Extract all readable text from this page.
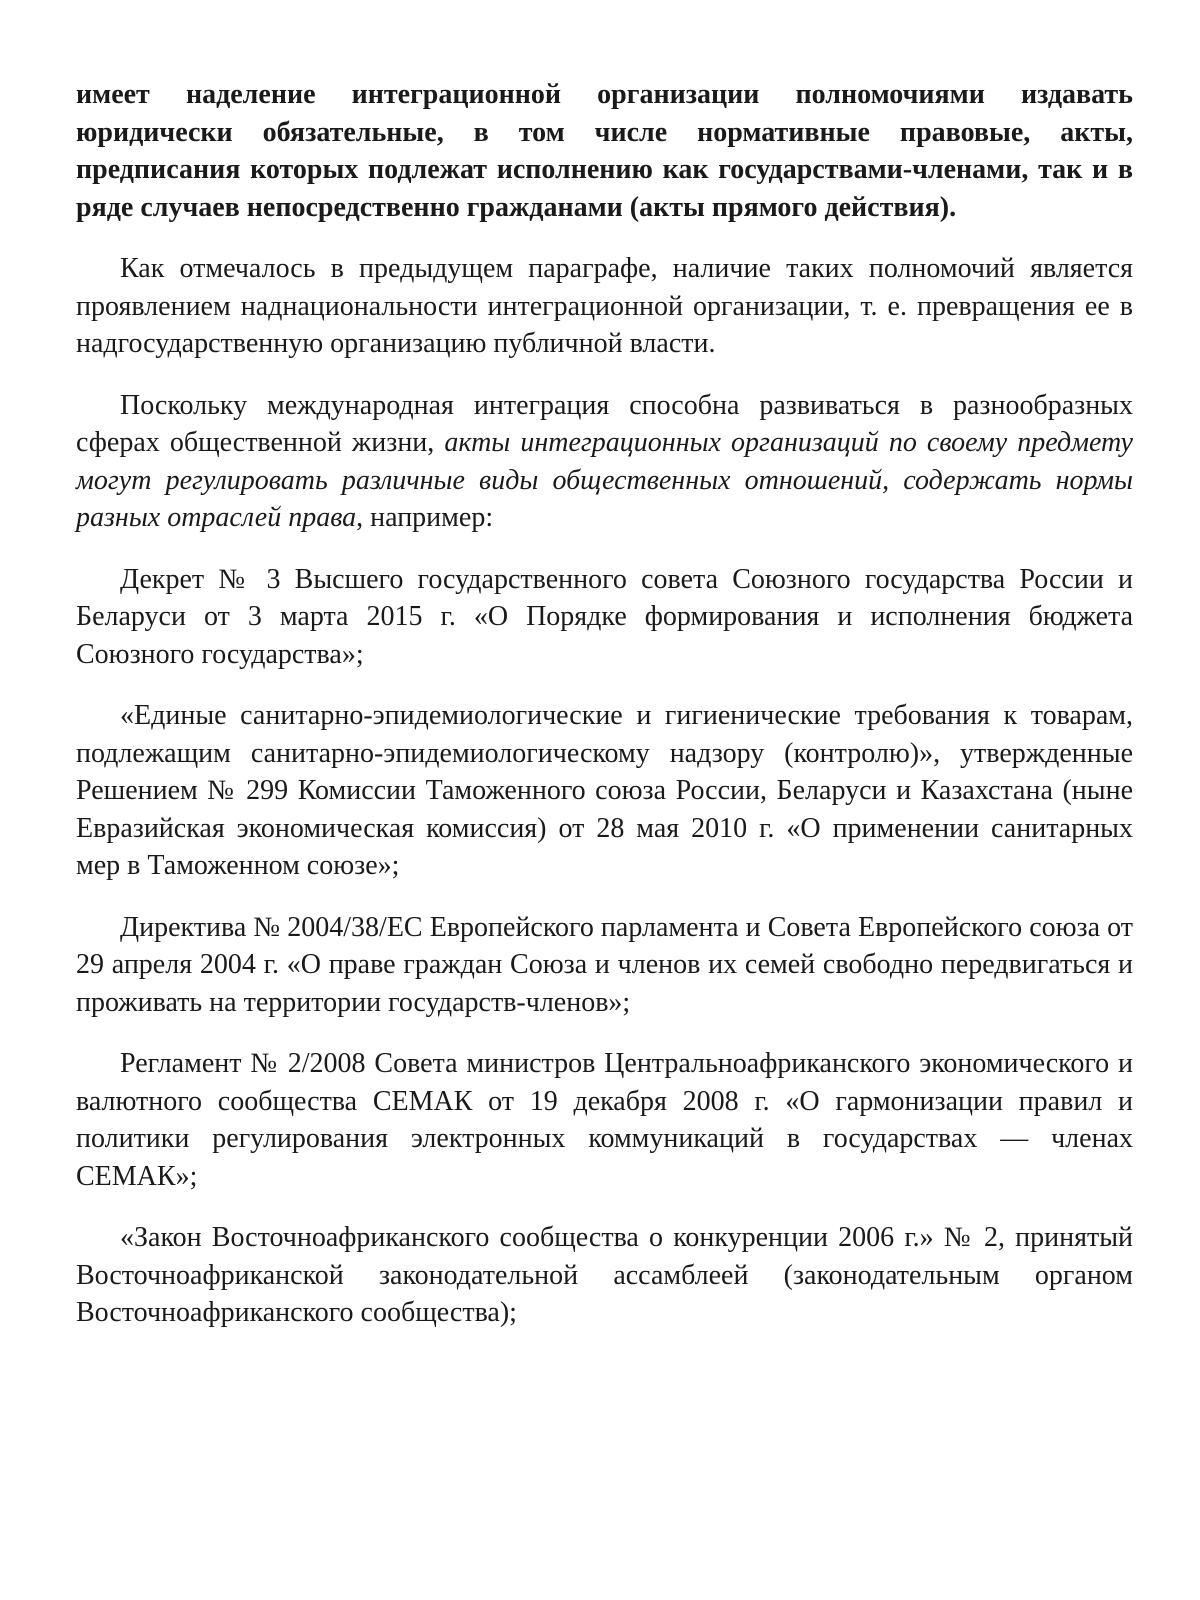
имеет наделение интеграционной организации полномочиями издавать юридически обязательные, в том числе нормативные правовые, акты, предписания которых подлежат исполнению как государствами-членами, так и в ряде случаев непосредственно гражданами (акты прямого действия).

Как отмечалось в предыдущем параграфе, наличие таких полномочий является проявлением наднациональности интеграционной организации, т. е. превращения ее в надгосударственную организацию публичной власти.

Поскольку международная интеграция способна развиваться в разнообразных сферах общественной жизни, акты интеграционных организаций по своему предмету могут регулировать различные виды общественных отношений, содержать нормы разных отраслей права, например:

Декрет № 3 Высшего государственного совета Союзного государства России и Беларуси от 3 марта 2015 г. «О Порядке формирования и исполнения бюджета Союзного государства»;

«Единые санитарно-эпидемиологические и гигиенические требования к товарам, подлежащим санитарно-эпидемиологическому надзору (контролю)», утвержденные Решением № 299 Комиссии Таможенного союза России, Беларуси и Казахстана (ныне Евразийская экономическая комиссия) от 28 мая 2010 г. «О применении санитарных мер в Таможенном союзе»;

Директива № 2004/38/ЕС Европейского парламента и Совета Европейского союза от 29 апреля 2004 г. «О праве граждан Союза и членов их семей свободно передвигаться и проживать на территории государств-членов»;

Регламент № 2/2008 Совета министров Центральноафриканского экономического и валютного сообщества СЕМАК от 19 декабря 2008 г. «О гармонизации правил и политики регулирования электронных коммуникаций в государствах — членах СЕМАК»;

«Закон Восточноафриканского сообщества о конкуренции 2006 г.» № 2, принятый Восточноафриканской законодательной ассамблеей (законодательным органом Восточноафриканского сообщества);
